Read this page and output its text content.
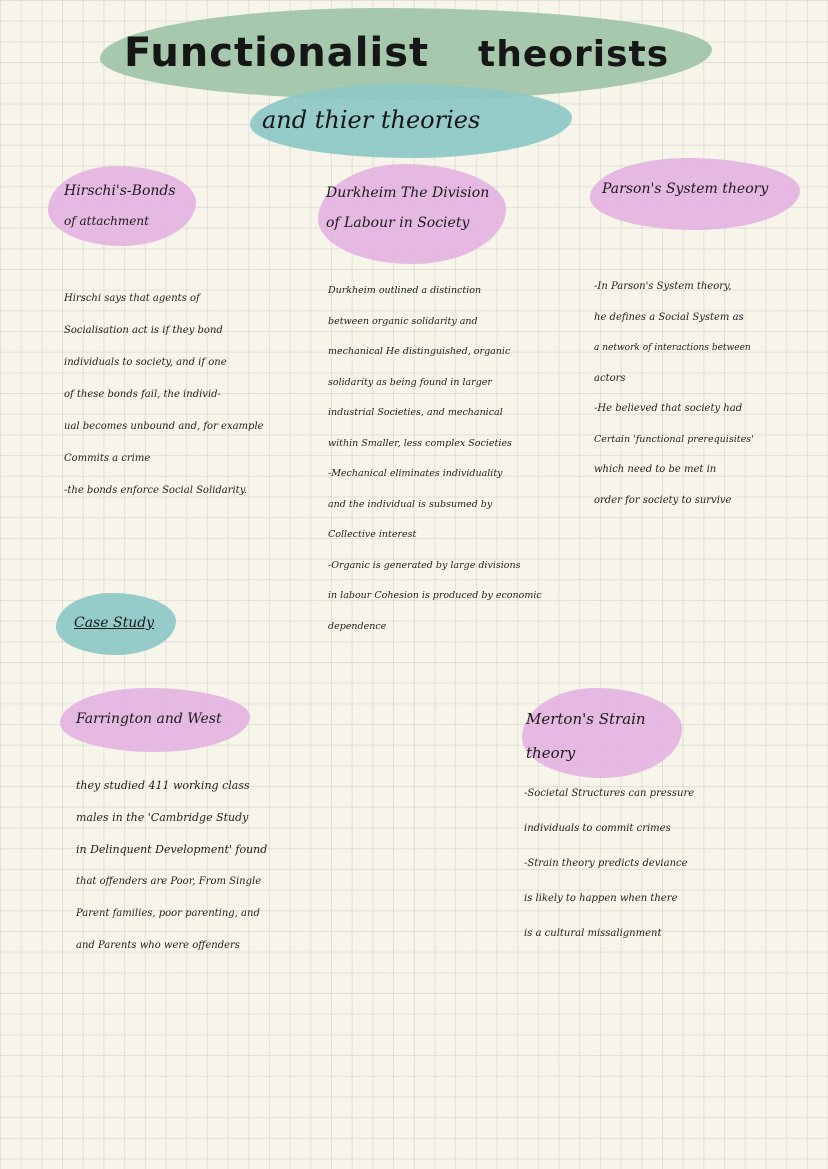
Functionalist theorists
and thier theories
Hirschi's-Bonds
of attachment
Hirschi says that agents of
Socialisation act is if they bond
individuals to society, and if one
of these bonds fail, the individ-
ual becomes unbound and, for example
Commits a crime
-the bonds enforce Social Solidarity.
Durkheim The Division
of Labour in Society
Durkheim outlined a distinction
between organic solidarity and
mechanical He distinguished, organic
solidarity as being found in larger
industrial Societies, and mechanical
within Smaller, less complex Societies
-Mechanical eliminates individuality
and the individual is subsumed by
Collective interest
-Organic is generated by large divisions
in labour Cohesion is produced by economic
dependence
Parson's System theory
-In Parson's System theory,
he defines a Social System as
a network of interactions between
actors
-He believed that society had
Certain 'functional prerequisites'
which need to be met in
order for society to survive
Case Study
Farrington and West
they studied 411 working class
males in the 'Cambridge Study
in Delinquent Development' found
that offenders are Poor, From Single
Parent families, poor parenting, and
and Parents who were offenders
Merton's Strain
theory
-Societal Structures can pressure
individuals to commit crimes
-Strain theory predicts deviance
is likely to happen when there
is a cultural missalignment
